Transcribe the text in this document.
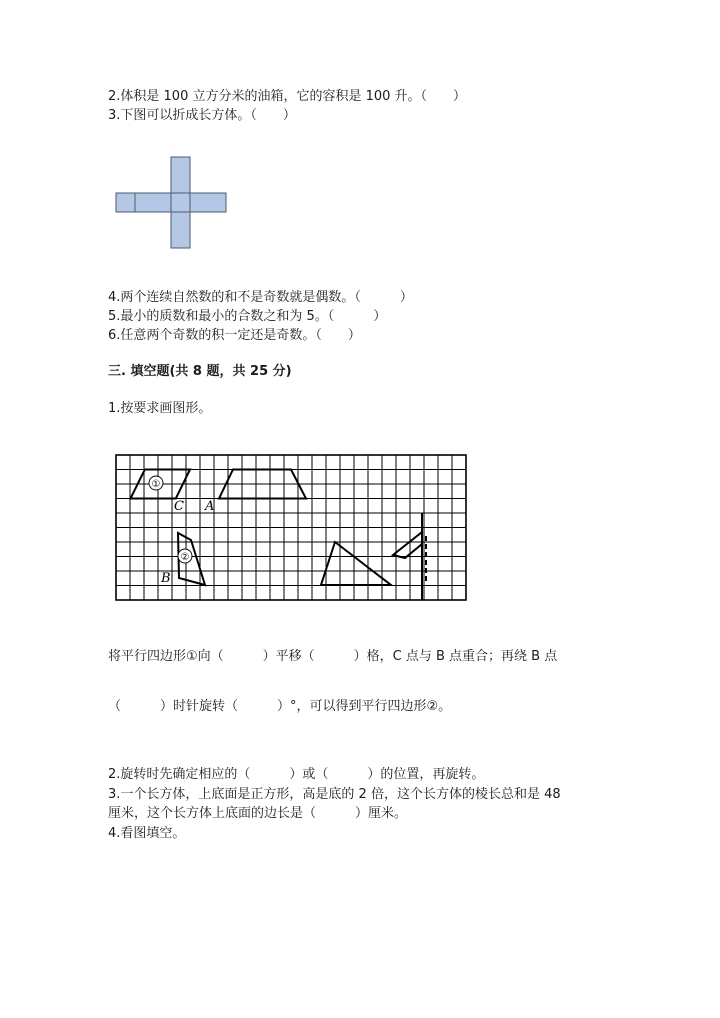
2.体积是 100 立方分米的油箱，它的容积是 100 升。（　　）
3.下图可以折成长方体。（　　）
4.两个连续自然数的和不是奇数就是偶数。（　　　）
5.最小的质数和最小的合数之和为 5。（　　　）
6.任意两个奇数的积一定还是奇数。（　　）
三. 填空题(共 8 题，共 25 分)
1.按要求画图形。
①
②
C A
B
将平行四边形①向（　　　）平移（　　　）格，C 点与 B 点重合；再绕 B 点
（　　　）时针旋转（　　　）°，可以得到平行四边形②。
2.旋转时先确定相应的（　　　）或（　　　）的位置，再旋转。
3.一个长方体，上底面是正方形，高是底的 2 倍，这个长方体的棱长总和是 48
厘米，这个长方体上底面的边长是（　　　）厘米。
4.看图填空。
